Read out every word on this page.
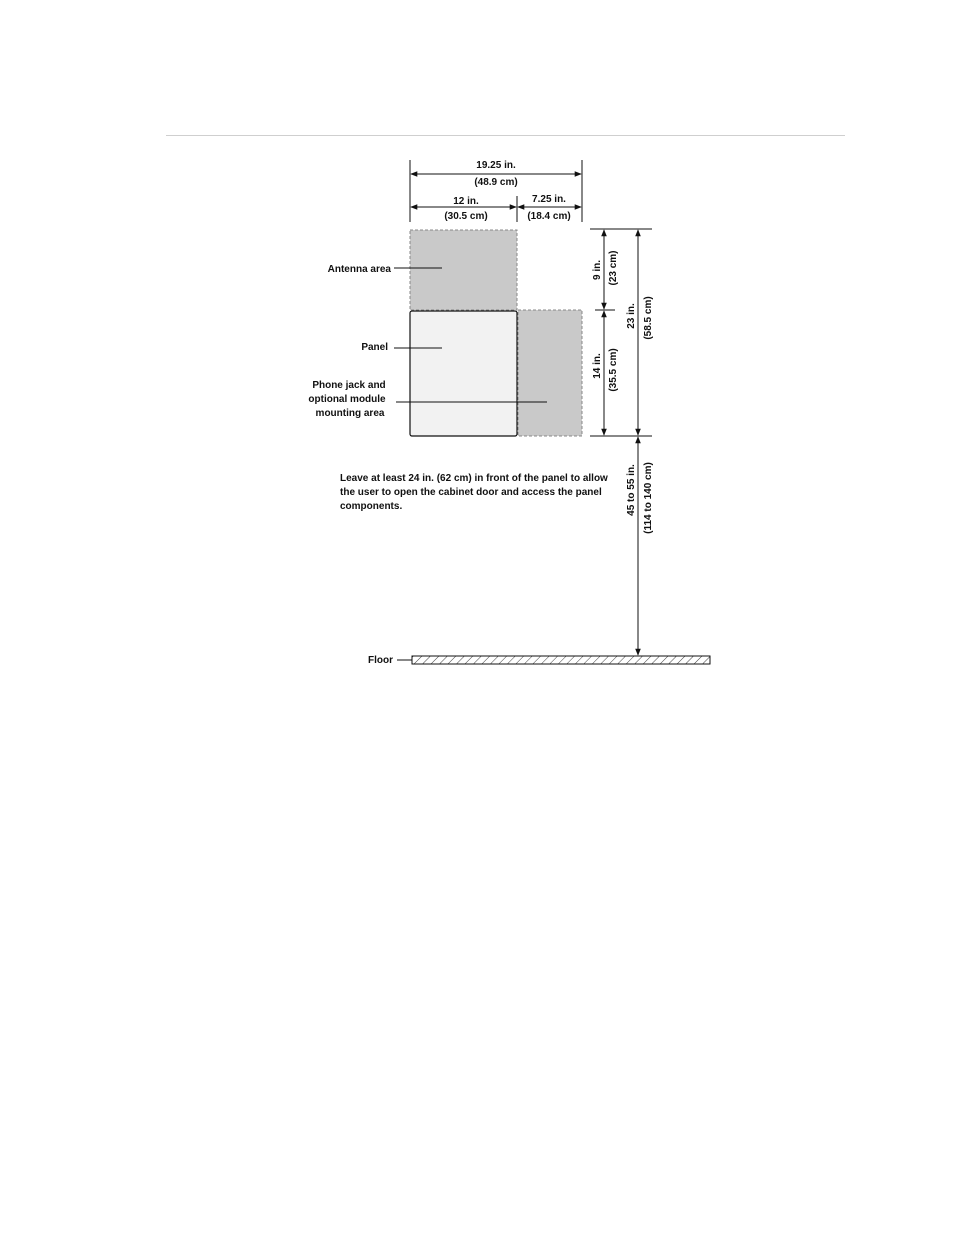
19.25 in.
(48.9 cm)
12 in.
(30.5 cm)
7.25 in.
(18.4 cm)
9 in. (23 cm)
14 in. (35.5 cm)
23 in. (58.5 cm)
45 to 55 in. (114 to 140 cm)
Antenna area
Panel
Phone jack and
optional module
mounting area
Floor
Leave at least 24 in. (62 cm) in front of the panel to allow the user to open the cabinet door and access the panel components.
